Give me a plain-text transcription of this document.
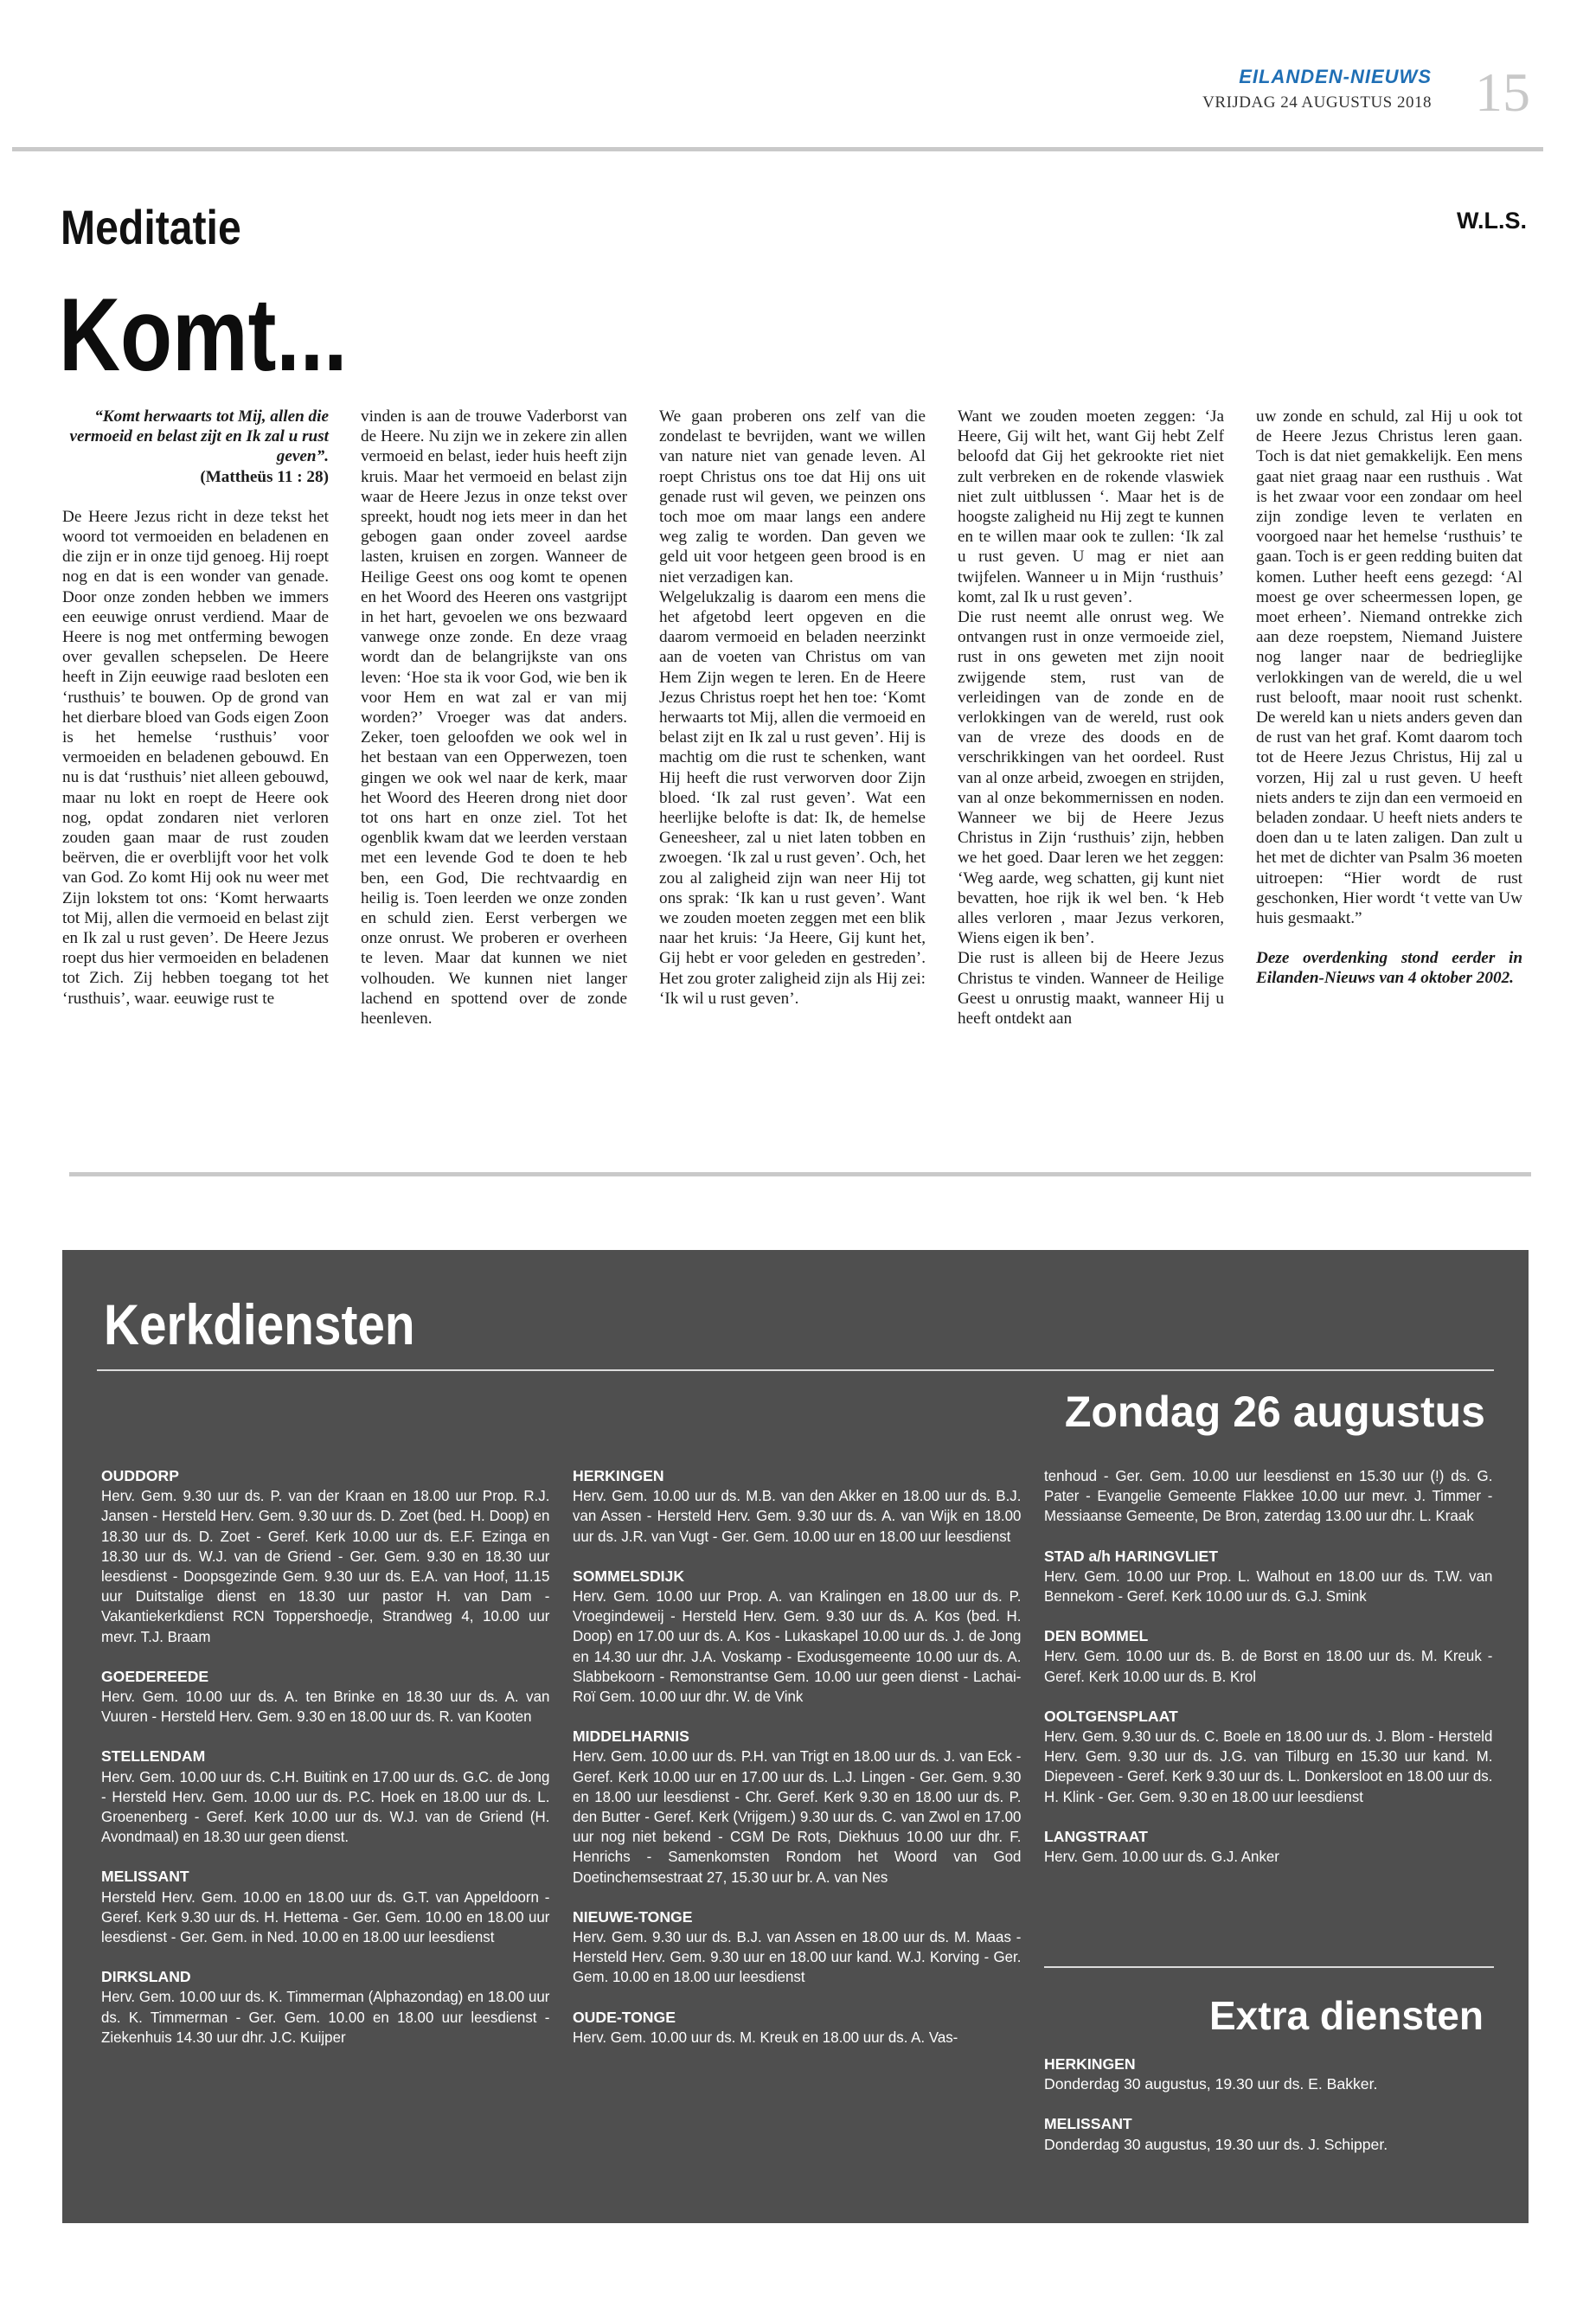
EILANDEN-NIEUWS
VRIJDAG 24 AUGUSTUS 2018 15
Meditatie	W.L.S.
Komt...

“Komt herwaarts tot Mij, allen die vermoeid en belast zijt en Ik zal u rust geven”.

(Mattheüs 11 : 28)

De Heere Jezus richt in deze tekst het woord tot vermoeiden en beladenen en die zijn er in onze tijd genoeg. Hij roept nog en dat is een wonder van genade. Door onze zonden hebben we immers een eeuwige onrust verdiend. Maar de Heere is nog met ontferming bewogen over gevallen schepselen. De Heere heeft in Zijn eeuwige raad besloten een ‘rusthuis’ te bouwen. Op de grond van het dierbare bloed van Gods eigen Zoon is het hemelse ‘rusthuis’ voor vermoeiden en beladenen gebouwd. En nu is dat ‘rusthuis’ niet alleen gebouwd, maar nu lokt en roept de Heere ook nog, opdat zondaren niet verloren zouden gaan maar de rust zouden beërven, die er overblijft voor het volk van God. Zo komt Hij ook nu weer met Zijn lokstem tot ons: ‘Komt herwaarts tot Mij, allen die vermoeid en belast zijt en Ik zal u rust geven’. De Heere Jezus roept dus hier vermoeiden en beladenen tot Zich. Zij hebben toegang tot het ‘rusthuis’, waar. eeuwige rust te

vinden is aan de trouwe Vaderborst van de Heere. Nu zijn we in zekere zin allen vermoeid en belast, ieder huis heeft zijn kruis. Maar het vermoeid en belast zijn waar de Heere Jezus in onze tekst over spreekt, houdt nog iets meer in dan het gebogen gaan onder zoveel aardse lasten, kruisen en zorgen. Wanneer de Heilige Geest ons oog komt te openen en het Woord des Heeren ons vastgrijpt in het hart, gevoelen we ons bezwaard vanwege onze zonde. En deze vraag wordt dan de belangrijkste van ons leven: ‘Hoe sta ik voor God, wie ben ik voor Hem en wat zal er van mij worden?’ Vroeger was dat anders. Zeker, toen geloofden we ook wel in het bestaan van een Opperwezen, toen gingen we ook wel naar de kerk, maar het Woord des Heeren drong niet door tot ons hart en onze ziel. Tot het ogenblik kwam dat we leerden verstaan met een levende God te doen te heb ben, een God, Die rechtvaardig en heilig is. Toen leerden we onze zonden en schuld zien. Eerst verbergen we onze onrust. We proberen er overheen te leven. Maar dat kunnen we niet volhouden. We kunnen niet langer lachend en spottend over de zonde heenleven.

We gaan proberen ons zelf van die zondelast te bevrijden, want we willen van nature niet van genade leven. Al roept Christus ons toe dat Hij ons uit genade rust wil geven, we peinzen ons toch moe om maar langs een andere weg zalig te worden. Dan geven we geld uit voor hetgeen geen brood is en niet verzadigen kan.
Welgelukzalig is daarom een mens die het afgetobd leert opgeven en die daarom vermoeid en beladen neerzinkt aan de voeten van Christus om van Hem Zijn wegen te leren. En de Heere Jezus Christus roept het hen toe: ‘Komt herwaarts tot Mij, allen die vermoeid en belast zijt en Ik zal u rust geven’. Hij is machtig om die rust te schenken, want Hij heeft die rust verworven door Zijn bloed. ‘Ik zal rust geven’. Wat een heerlijke belofte is dat: Ik, de hemelse Geneesheer, zal u niet laten tobben en zwoegen. ‘Ik zal u rust geven’. Och, het zou al zaligheid zijn wan neer Hij tot ons sprak: ‘Ik kan u rust geven’. Want we zouden moeten zeggen met een blik naar het kruis: ‘Ja Heere, Gij kunt het, Gij hebt er voor geleden en gestreden’. Het zou groter zaligheid zijn als Hij zei: ‘Ik wil u rust geven’.

Want we zouden moeten zeggen: ‘Ja Heere, Gij wilt het, want Gij hebt Zelf beloofd dat Gij het gekrookte riet niet zult verbreken en de rokende vlaswiek niet zult uitblussen ‘. Maar het is de hoogste zaligheid nu Hij zegt te kunnen en te willen maar ook te zullen: ‘Ik zal u rust geven. U mag er niet aan twijfelen. Wanneer u in Mijn ‘rusthuis’ komt, zal Ik u rust geven’.
Die rust neemt alle onrust weg. We ontvangen rust in onze vermoeide ziel, rust in ons geweten met zijn nooit zwijgende stem, rust van de verleidingen van de zonde en de verlokkingen van de wereld, rust ook van de vreze des doods en de verschrikkingen van het oordeel. Rust van al onze arbeid, zwoegen en strijden, van al onze bekommernissen en noden. Wanneer we bij de Heere Jezus Christus in Zijn ‘rusthuis’ zijn, hebben we het goed. Daar leren we het zeggen: ‘Weg aarde, weg schatten, gij kunt niet bevatten, hoe rijk ik wel ben. ‘k Heb alles verloren , maar Jezus verkoren, Wiens eigen ik ben’.
Die rust is alleen bij de Heere Jezus Christus te vinden. Wanneer de Heilige Geest u onrustig maakt, wanneer Hij u heeft ontdekt aan

uw zonde en schuld, zal Hij u ook tot de Heere Jezus Christus leren gaan. Toch is dat niet gemakkelijk. Een mens gaat niet graag naar een rusthuis . Wat is het zwaar voor een zondaar om heel zijn zondige leven te verlaten en voorgoed naar het hemelse ‘rusthuis’ te gaan. Toch is er geen redding buiten dat komen. Luther heeft eens gezegd: ‘Al moest ge over scheermessen lopen, ge moet erheen’. Niemand ontrekke zich aan deze roepstem, Niemand Juistere nog langer naar de bedrieglijke verlokkingen van de wereld, die u wel rust belooft, maar nooit rust schenkt. De wereld kan u niets anders geven dan de rust van het graf. Komt daarom toch tot de Heere Jezus Christus, Hij zal u vorzen, Hij zal u rust geven. U heeft niets anders te zijn dan een vermoeid en beladen zondaar. U heeft niets anders te doen dan u te laten zaligen. Dan zult u het met de dichter van Psalm 36 moeten uitroepen: “Hier wordt de rust geschonken, Hier wordt ‘t vette van Uw huis gesmaakt.”

Deze overdenking stond eerder in Eilanden-Nieuws van 4 oktober 2002.

Kerkdiensten
Zondag 26 augustus
OUDDORP
Herv. Gem. 9.30 uur ds. P. van der Kraan en 18.00 uur Prop. R.J. Jansen - Hersteld Herv. Gem. 9.30 uur ds. D. Zoet (bed. H. Doop) en 18.30 uur ds. D. Zoet - Geref. Kerk 10.00 uur ds. E.F. Ezinga en 18.30 uur ds. W.J. van de Griend - Ger. Gem. 9.30 en 18.30 uur leesdienst - Doopsgezinde Gem. 9.30 uur ds. E.A. van Hoof, 11.15 uur Duitstalige dienst en 18.30 uur pastor H. van Dam - Vakantiekerkdienst RCN Toppershoedje, Strandweg 4, 10.00 uur mevr. T.J. Braam
GOEDEREEDE
Herv. Gem. 10.00 uur ds. A. ten Brinke en 18.30 uur ds. A. van Vuuren - Hersteld Herv. Gem. 9.30 en 18.00 uur ds. R. van Kooten
STELLENDAM
Herv. Gem. 10.00 uur ds. C.H. Buitink en 17.00 uur ds. G.C. de Jong - Hersteld Herv. Gem. 10.00 uur ds. P.C. Hoek en 18.00 uur ds. L. Groenenberg - Geref. Kerk 10.00 uur ds. W.J. van de Griend (H. Avondmaal) en 18.30 uur geen dienst.
MELISSANT
Hersteld Herv. Gem. 10.00 en 18.00 uur ds. G.T. van Appeldoorn - Geref. Kerk 9.30 uur ds. H. Hettema - Ger. Gem. 10.00 en 18.00 uur leesdienst - Ger. Gem. in Ned. 10.00 en 18.00 uur leesdienst
DIRKSLAND
Herv. Gem. 10.00 uur ds. K. Timmerman (Alphazondag) en 18.00 uur ds. K. Timmerman - Ger. Gem. 10.00 en 18.00 uur leesdienst - Ziekenhuis 14.30 uur dhr. J.C. Kuijper
HERKINGEN
Herv. Gem. 10.00 uur ds. M.B. van den Akker en 18.00 uur ds. B.J. van Assen - Hersteld Herv. Gem. 9.30 uur ds. A. van Wijk en 18.00 uur ds. J.R. van Vugt - Ger. Gem. 10.00 uur en 18.00 uur leesdienst
SOMMELSDIJK
Herv. Gem. 10.00 uur Prop. A. van Kralingen en 18.00 uur ds. P. Vroegindeweij - Hersteld Herv. Gem. 9.30 uur ds. A. Kos (bed. H. Doop) en 17.00 uur ds. A. Kos - Lukaskapel 10.00 uur ds. J. de Jong en 14.30 uur dhr. J.A. Voskamp - Exodusgemeente 10.00 uur ds. A. Slabbekoorn - Remonstrantse Gem. 10.00 uur geen dienst - Lachai-Roï Gem. 10.00 uur dhr. W. de Vink
MIDDELHARNIS
Herv. Gem. 10.00 uur ds. P.H. van Trigt en 18.00 uur ds. J. van Eck - Geref. Kerk 10.00 uur en 17.00 uur ds. L.J. Lingen - Ger. Gem. 9.30 en 18.00 uur leesdienst - Chr. Geref. Kerk 9.30 en 18.00 uur ds. P. den Butter - Geref. Kerk (Vrijgem.) 9.30 uur ds. C. van Zwol en 17.00 uur nog niet bekend - CGM De Rots, Diekhuus 10.00 uur dhr. F. Henrichs - Samenkomsten Rondom het Woord van God Doetinchemsestraat 27, 15.30 uur br. A. van Nes
NIEUWE-TONGE
Herv. Gem. 9.30 uur ds. B.J. van Assen en 18.00 uur ds. M. Maas - Hersteld Herv. Gem. 9.30 uur en 18.00 uur kand. W.J. Korving - Ger. Gem. 10.00 en 18.00 uur leesdienst
OUDE-TONGE
Herv. Gem. 10.00 uur ds. M. Kreuk en 18.00 uur ds. A. Vas-
tenhoud - Ger. Gem. 10.00 uur leesdienst en 15.30 uur (!) ds. G. Pater - Evangelie Gemeente Flakkee 10.00 uur mevr. J. Timmer - Messiaanse Gemeente, De Bron, zaterdag 13.00 uur dhr. L. Kraak
STAD a/h HARINGVLIET
Herv. Gem. 10.00 uur Prop. L. Walhout en 18.00 uur ds. T.W. van Bennekom - Geref. Kerk 10.00 uur ds. G.J. Smink
DEN BOMMEL
Herv. Gem. 10.00 uur ds. B. de Borst en 18.00 uur ds. M. Kreuk - Geref. Kerk 10.00 uur ds. B. Krol
OOLTGENSPLAAT
Herv. Gem. 9.30 uur ds. C. Boele en 18.00 uur ds. J. Blom - Hersteld Herv. Gem. 9.30 uur ds. J.G. van Tilburg en 15.30 uur kand. M. Diepeveen - Geref. Kerk 9.30 uur ds. L. Donkersloot en 18.00 uur ds. H. Klink - Ger. Gem. 9.30 en 18.00 uur leesdienst
LANGSTRAAT
Herv. Gem. 10.00 uur ds. G.J. Anker
Extra diensten
HERKINGEN
Donderdag 30 augustus, 19.30 uur ds. E. Bakker.
MELISSANT
Donderdag 30 augustus, 19.30 uur ds. J. Schipper.
